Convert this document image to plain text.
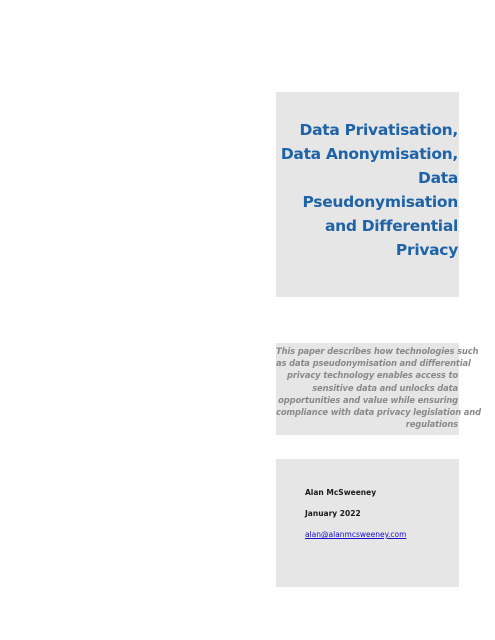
Data Privatisation,
Data Anonymisation,
Data
Pseudonymisation
and Differential
Privacy
This paper describes how technologies such
as data pseudonymisation and differential
privacy technology enables access to
sensitive data and unlocks data
opportunities and value while ensuring
compliance with data privacy legislation and
regulations
Alan McSweeney
January 2022
alan@alanmcsweeney.com
